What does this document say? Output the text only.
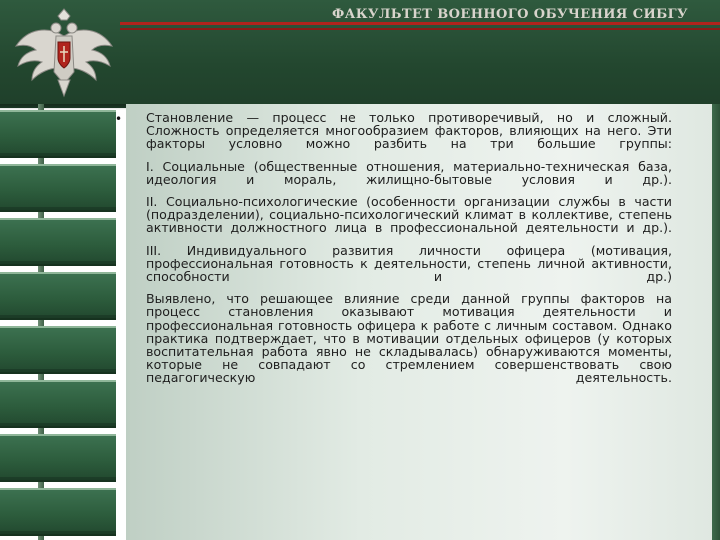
ФАКУЛЬТЕТ ВОЕННОГО ОБУЧЕНИЯ СИБГУ
• Становление — процесс не только противоречивый, но и сложный. Сложность определяется многообразием факторов, влияющих на него. Эти факторы условно можно разбить на три большие группы:

I. Социальные (общественные отношения, материально-техническая база, идеология и мораль, жилищно-бытовые условия и др.).

II. Социально-психологические (особенности организации службы в части (подразделении), социально-психологический климат в коллективе, степень активности должностного лица в профессиональной деятельности и др.).

III. Индивидуального развития личности офицера (мотивация, профессиональная готовность к деятельности, степень личной активности, способности и др.)

Выявлено, что решающее влияние среди данной группы факторов на процесс становления оказывают мотивация деятельности и профессиональная готовность офицера к работе с личным составом. Однако практика подтверждает, что в мотивации отдельных офицеров (у которых воспитательная работа явно не складывалась) обнаруживаются моменты, которые не совпадают со стремлением совершенствовать свою педагогическую деятельность.
